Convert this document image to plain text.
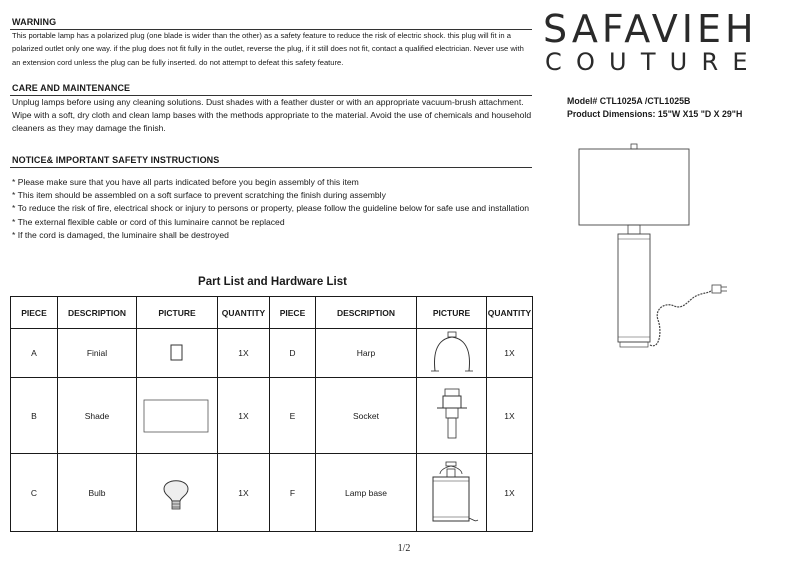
WARNING
This portable lamp has a polarized plug (one blade is wider than the other) as a safety feature to reduce the risk of electric shock. this plug will fit in a polarized outlet only one way. if the plug does not fit fully in the outlet, reverse the plug, if it still does not fit, contact a qualified electrician. Never use with an extension cord unless the plug can be fully inserted. do not attempt to defeat this safety feature.
CARE AND MAINTENANCE
Unplug lamps before using any cleaning solutions. Dust shades with a feather duster or with an appropriate vacuum-brush attachment. Wipe with a soft, dry cloth and clean lamp bases with the methods appropriate to the material. Avoid the use of chemicals and household cleaners as they may damage the finish.
NOTICE& IMPORTANT SAFETY INSTRUCTIONS
* Please make sure that you have all parts indicated before you begin assembly of this item
* This item should be assembled on a soft surface to prevent scratching the finish during assembly
* To reduce the risk of fire, electrical shock or injury to persons or property, please follow the guideline below for safe use and installation
* The external flexible cable or cord of this luminaire cannot be replaced
* If the cord is damaged, the luminaire shall be destroyed
SAFAVIEH
COUTURE
Model# CTL1025A /CTL1025B
Product Dimensions: 15"W X15 "D X 29"H
Part List and Hardware List
PIECE	DESCRIPTION	PICTURE	QUANTITY	PIECE	DESCRIPTION	PICTURE	QUANTITY
A	Finial		1X	D	Harp		1X
B	Shade		1X	E	Socket		1X
C	Bulb		1X	F	Lamp base		1X
1/2
